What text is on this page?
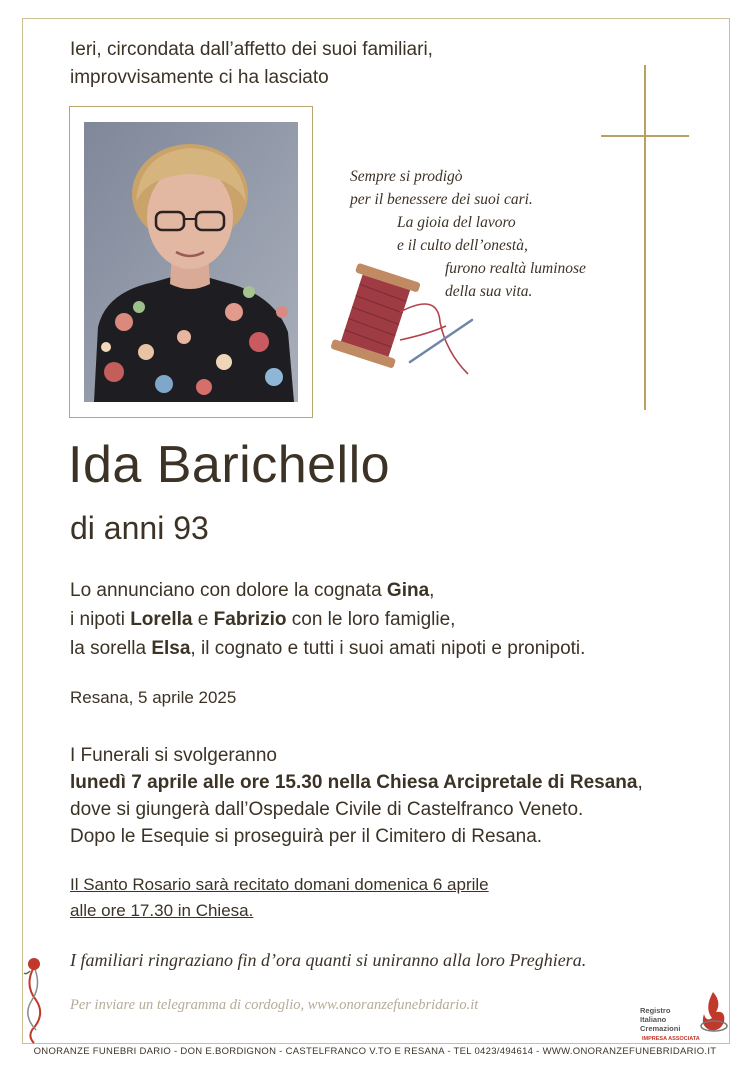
Ieri, circondata dall’affetto dei suoi familiari,
improvvisamente ci ha lasciato
Sempre si prodigò
per il benessere dei suoi cari.
La gioia del lavoro
e il culto dell’onestà,
furono realtà luminose
della sua vita.
Ida Barichello
di anni 93
Lo annunciano con dolore la cognata Gina,
i nipoti Lorella e Fabrizio con le loro famiglie,
la sorella Elsa, il cognato e tutti i suoi amati nipoti e pronipoti.
Resana, 5 aprile 2025
I Funerali si svolgeranno
lunedì 7 aprile alle ore 15.30 nella Chiesa Arcipretale di Resana,
dove si giungerà dall’Ospedale Civile di Castelfranco Veneto.
Dopo le Esequie si proseguirà per il Cimitero di Resana.
Il Santo Rosario sarà recitato domani domenica 6 aprile
alle ore 17.30 in Chiesa.
I familiari ringraziano fin d’ora quanti si uniranno alla loro Preghiera.
Per inviare un telegramma di cordoglio, www.onoranzefunebridario.it	Registro
Italiano
Cremazioni
IMPRESA ASSOCIATA
ONORANZE FUNEBRI DARIO - DON E.BORDIGNON - CASTELFRANCO V.TO E RESANA - TEL 0423/494614 - WWW.ONORANZEFUNEBRIDARIO.IT
